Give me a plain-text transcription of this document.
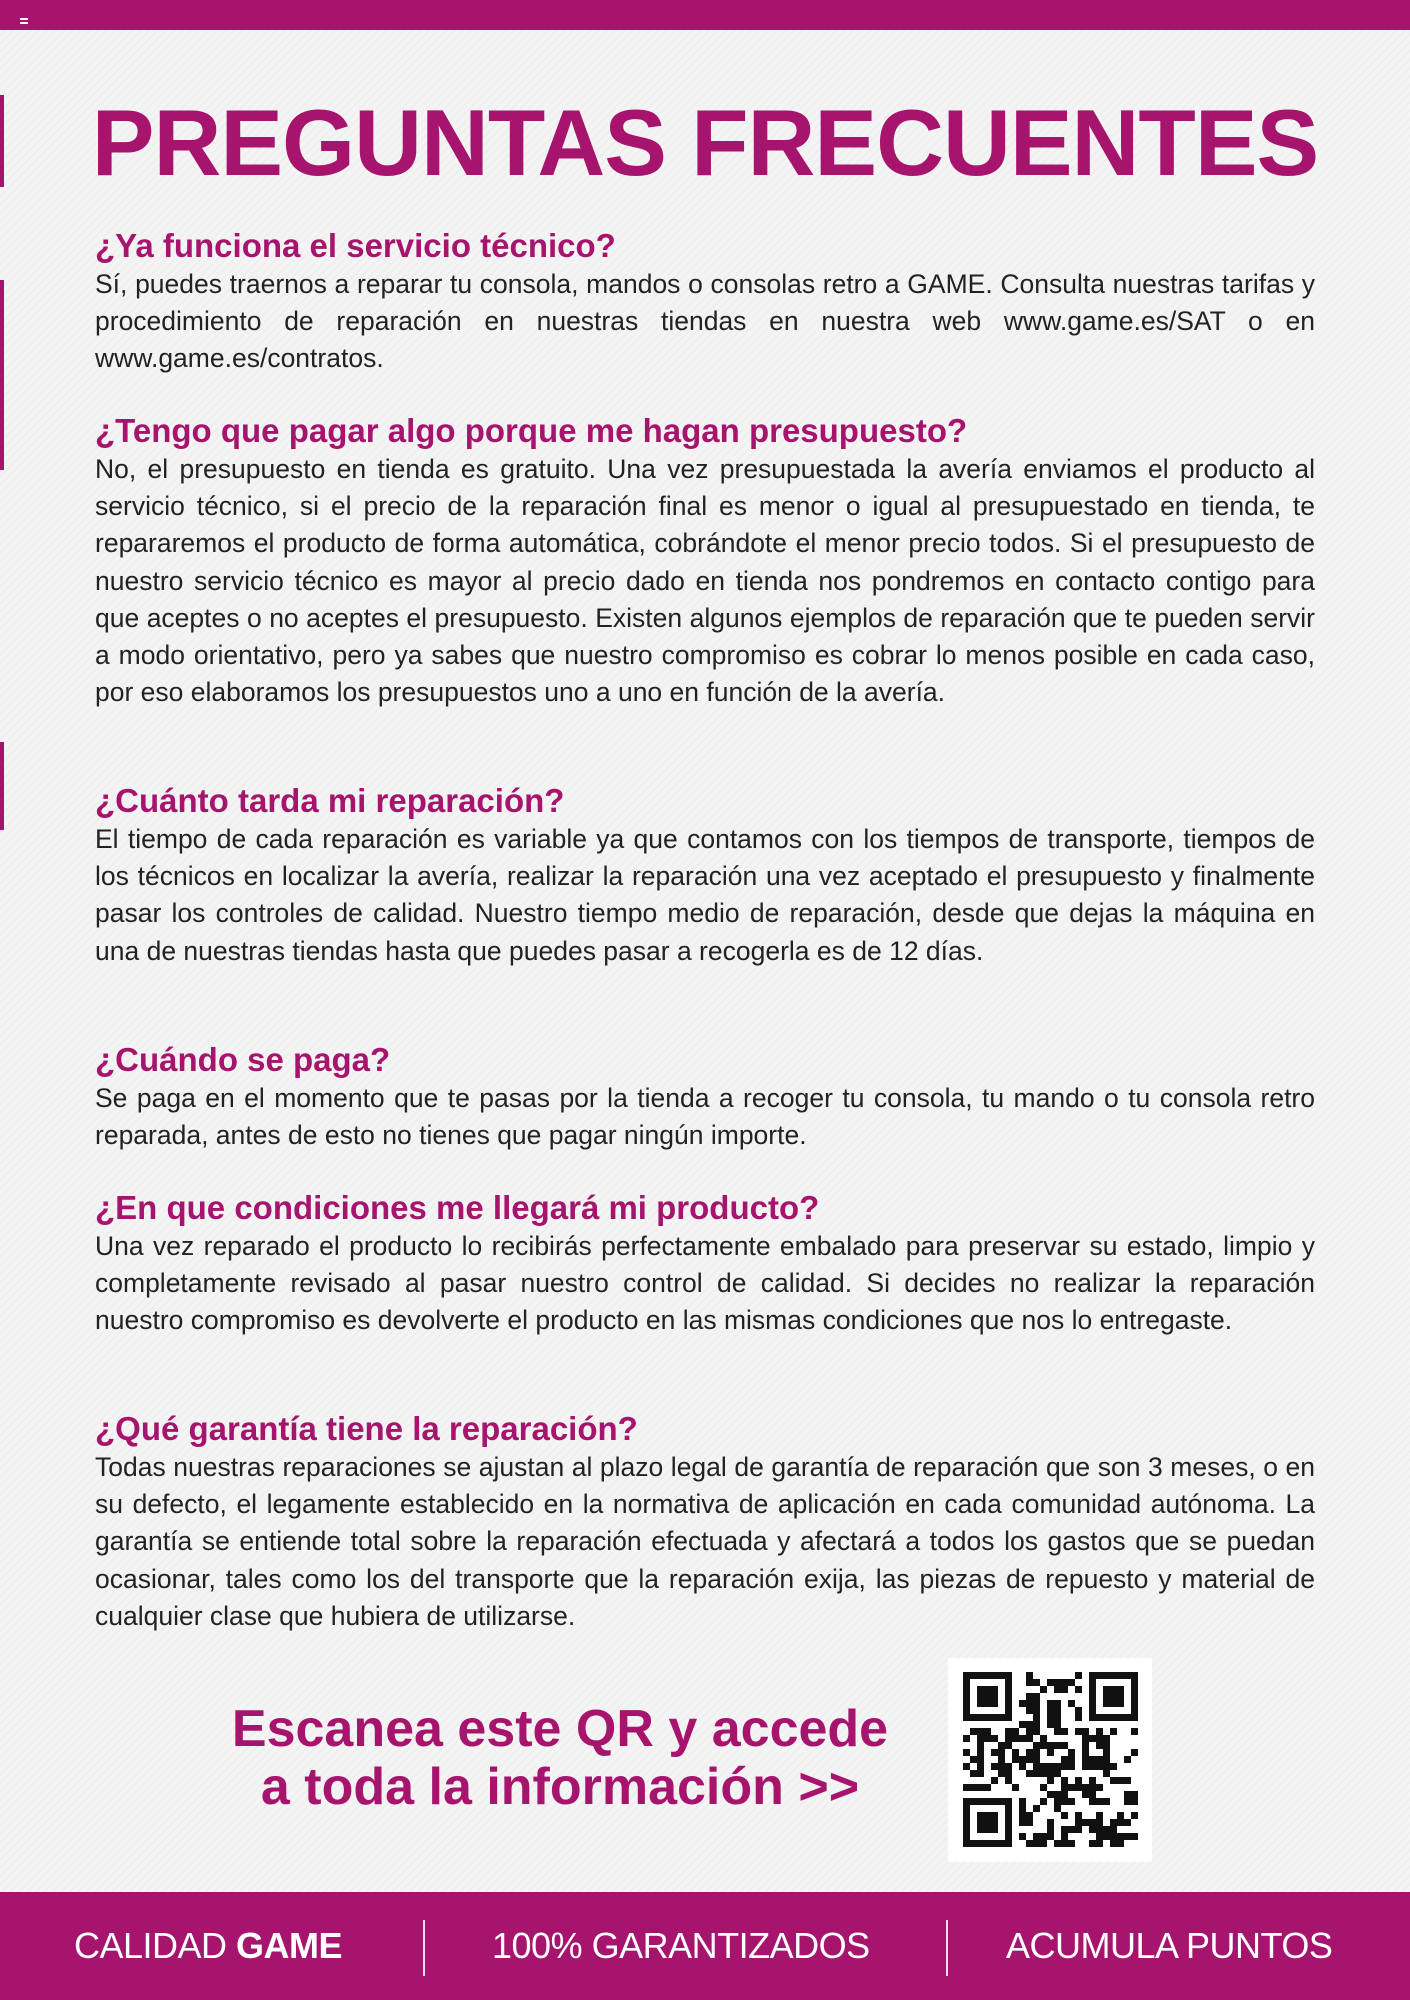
PREGUNTAS FRECUENTES
¿Ya funciona el servicio técnico?

Sí, puedes traernos a reparar tu consola, mandos o consolas retro a GAME. Consulta nuestras tarifas y procedimiento de reparación en nuestras tiendas en nuestra web www.game.es/SAT o en www.game.es/contratos.

¿Tengo que pagar algo porque me hagan presupuesto?

No, el presupuesto en tienda es gratuito. Una vez presupuestada la avería enviamos el producto al servicio técnico, si el precio de la reparación final es menor o igual al presupuestado en tienda, te repararemos el producto de forma automática, cobrándote el menor precio todos. Si el presupuesto de nuestro servicio técnico es mayor al precio dado en tienda nos pondremos en contacto contigo para que aceptes o no aceptes el presupuesto. Existen algunos ejemplos de reparación que te pueden servir a modo orientativo, pero ya sabes que nuestro compromiso es cobrar lo menos posible en cada caso, por eso elaboramos los presupuestos uno a uno en función de la avería.

¿Cuánto tarda mi reparación?

El tiempo de cada reparación es variable ya que contamos con los tiempos de transporte, tiempos de los técnicos en localizar la avería, realizar la reparación una vez aceptado el presupuesto y finalmente pasar los controles de calidad. Nuestro tiempo medio de reparación, desde que dejas la máquina en una de nuestras tiendas hasta que puedes pasar a recogerla es de 12 días.

¿Cuándo se paga?

Se paga en el momento que te pasas por la tienda a recoger tu consola, tu mando o tu consola retro reparada, antes de esto no tienes que pagar ningún importe.

¿En que condiciones me llegará mi producto?

Una vez reparado el producto lo recibirás perfectamente embalado para preservar su estado, limpio y completamente revisado al pasar nuestro control de calidad. Si decides no realizar la reparación nuestro compromiso es devolverte el producto en las mismas condiciones que nos lo entregaste.

¿Qué garantía tiene la reparación?

Todas nuestras reparaciones se ajustan al plazo legal de garantía de reparación que son 3 meses, o en su defecto, el legamente establecido en la normativa de aplicación en cada comunidad autónoma. La garantía se entiende total sobre la reparación efectuada y afectará a todos los gastos que se puedan ocasionar, tales como los del transporte que la reparación exija, las piezas de repuesto y material de cualquier clase que hubiera de utilizarse.

Escanea este QR y accede
a toda la información >>
CALIDAD GAME	100% GARANTIZADOS	ACUMULA PUNTOS
